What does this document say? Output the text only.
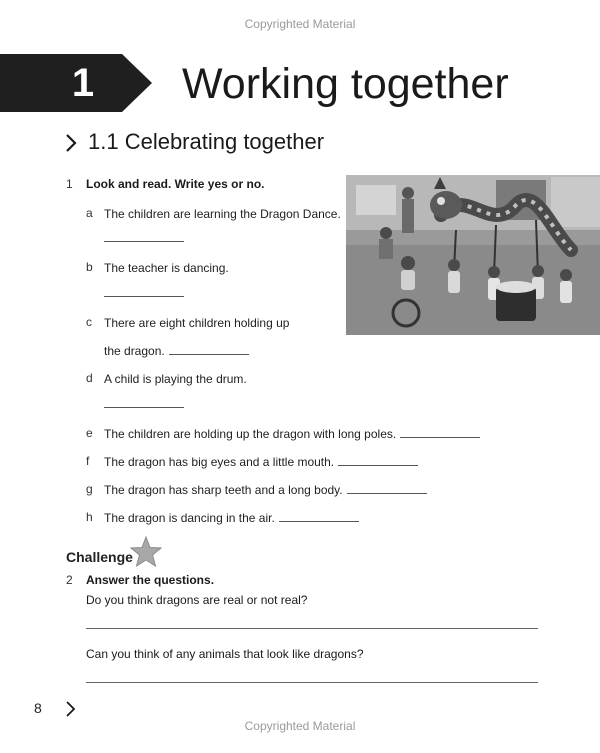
Copyrighted Material
Copyrighted Material
1 Working together
1.1 Celebrating together
1 Look and read. Write yes or no.
a The children are learning the Dragon Dance.
b The teacher is dancing.
c	There are eight children holding up
the dragon.
d A child is playing the drum.
e The children are holding up the dragon with long poles.
f	The dragon has big eyes and a little mouth.
g The dragon has sharp teeth and a long body.
h The dragon is dancing in the air.
Challenge
2 Answer the questions.
Do you think dragons are real or not real?
Can you think of any animals that look like dragons?
8
